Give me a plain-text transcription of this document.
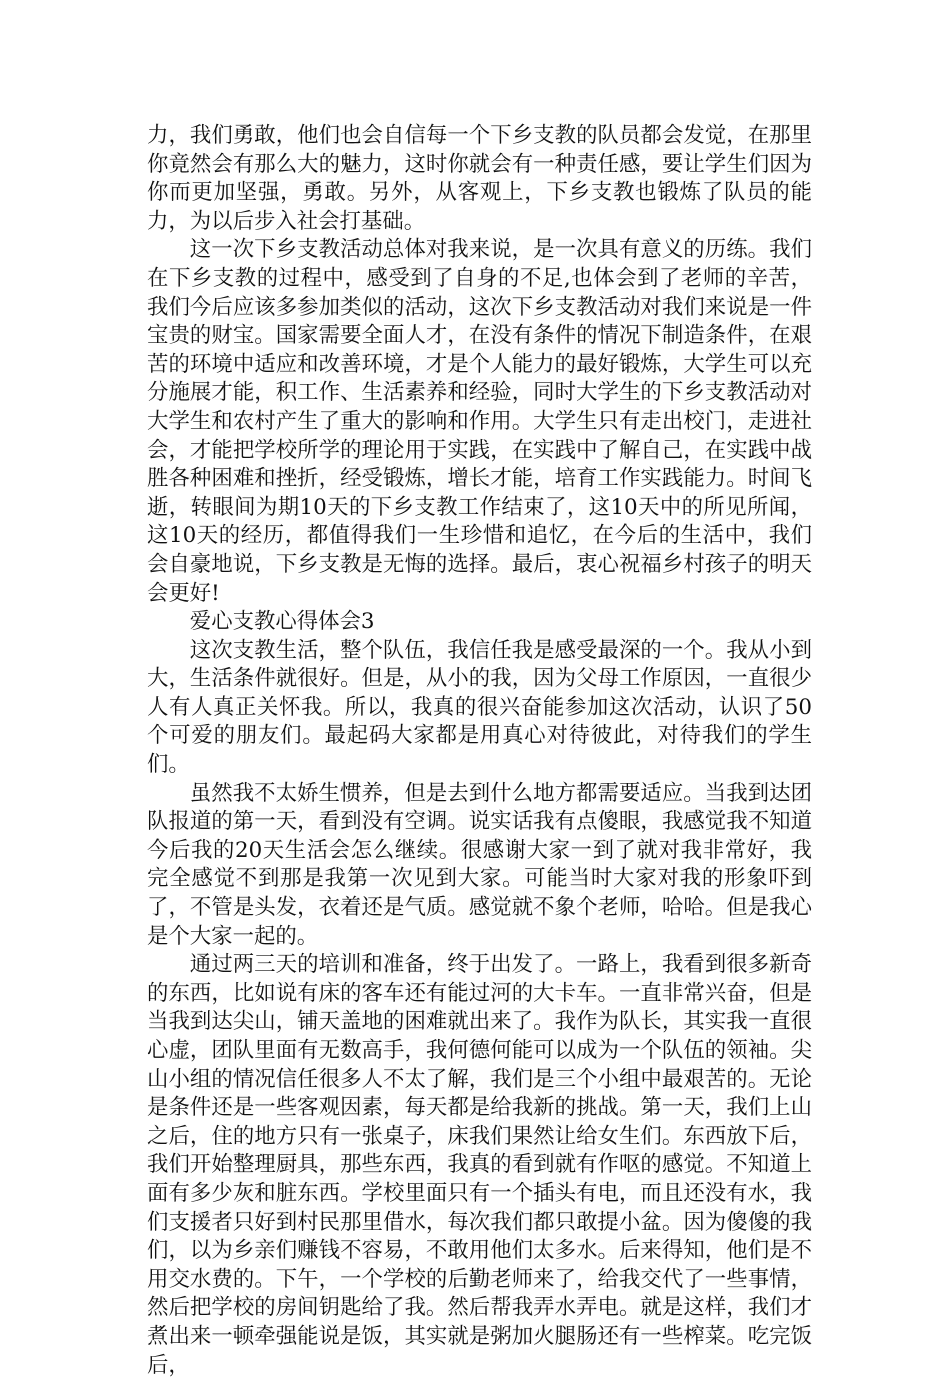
力，我们勇敢，他们也会自信每一个下乡支教的队员都会发觉，在那里你竟然会有那么大的魅力，这时你就会有一种责任感，要让学生们因为你而更加坚强，勇敢。另外，从客观上，下乡支教也锻炼了队员的能力，为以后步入社会打基础。

这一次下乡支教活动总体对我来说，是一次具有意义的历练。我们在下乡支教的过程中，感受到了自身的不足,也体会到了老师的辛苦，我们今后应该多参加类似的活动，这次下乡支教活动对我们来说是一件宝贵的财宝。国家需要全面人才，在没有条件的情况下制造条件，在艰苦的环境中适应和改善环境，才是个人能力的最好锻炼，大学生可以充分施展才能，积工作、生活素养和经验，同时大学生的下乡支教活动对大学生和农村产生了重大的影响和作用。大学生只有走出校门，走进社会，才能把学校所学的理论用于实践，在实践中了解自己，在实践中战胜各种困难和挫折，经受锻炼，增长才能，培育工作实践能力。时间飞逝，转眼间为期10天的下乡支教工作结束了，这10天中的所见所闻，这10天的经历，都值得我们一生珍惜和追忆，在今后的生活中，我们会自豪地说，下乡支教是无悔的选择。最后，衷心祝福乡村孩子的明天会更好!

爱心支教心得体会3

这次支教生活，整个队伍，我信任我是感受最深的一个。我从小到大，生活条件就很好。但是，从小的我，因为父母工作原因，一直很少人有人真正关怀我。所以，我真的很兴奋能参加这次活动，认识了50个可爱的朋友们。最起码大家都是用真心对待彼此，对待我们的学生们。

虽然我不太娇生惯养，但是去到什么地方都需要适应。当我到达团队报道的第一天，看到没有空调。说实话我有点傻眼，我感觉我不知道今后我的20天生活会怎么继续。很感谢大家一到了就对我非常好，我完全感觉不到那是我第一次见到大家。可能当时大家对我的形象吓到了，不管是头发，衣着还是气质。感觉就不象个老师，哈哈。但是我心是个大家一起的。

通过两三天的培训和准备，终于出发了。一路上，我看到很多新奇的东西，比如说有床的客车还有能过河的大卡车。一直非常兴奋，但是当我到达尖山，铺天盖地的困难就出来了。我作为队长，其实我一直很心虚，团队里面有无数高手，我何德何能可以成为一个队伍的领袖。尖山小组的情况信任很多人不太了解，我们是三个小组中最艰苦的。无论是条件还是一些客观因素，每天都是给我新的挑战。第一天，我们上山之后，住的地方只有一张桌子，床我们果然让给女生们。东西放下后，我们开始整理厨具，那些东西，我真的看到就有作呕的感觉。不知道上面有多少灰和脏东西。学校里面只有一个插头有电，而且还没有水，我们支援者只好到村民那里借水，每次我们都只敢提小盆。因为傻傻的我们，以为乡亲们赚钱不容易，不敢用他们太多水。后来得知，他们是不用交水费的。下午，一个学校的后勤老师来了，给我交代了一些事情，然后把学校的房间钥匙给了我。然后帮我弄水弄电。就是这样，我们才煮出来一顿牵强能说是饭，其实就是粥加火腿肠还有一些榨菜。吃完饭后，
